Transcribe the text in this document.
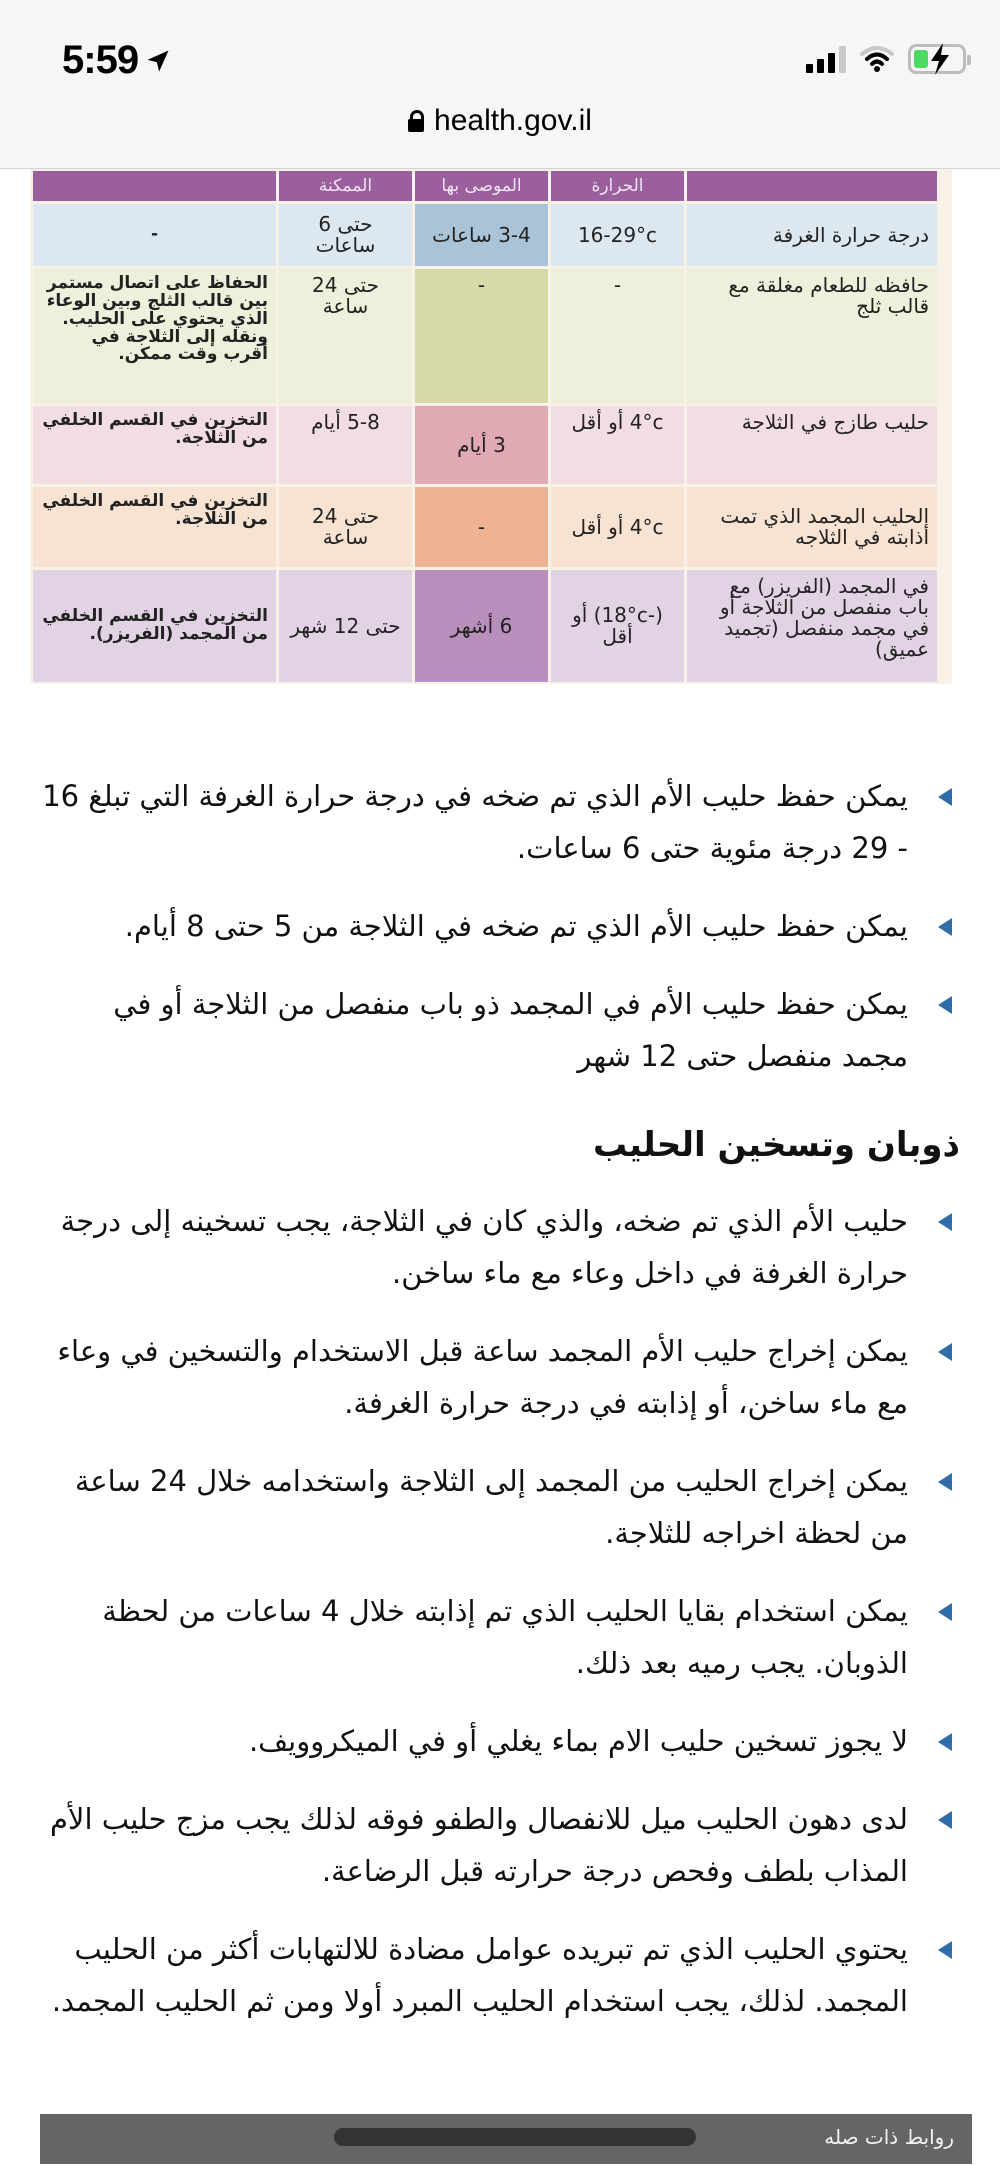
5:59
health.gov.il
	الحرارة	الموصى بها	الممكنة	
درجة حرارة الغرفة	16-29°c	3-4 ساعات	حتى 6 ساعات	-
حافظه للطعام مغلقة مع قالب ثلج	-	-	حتى 24 ساعة	الحفاظ على اتصال مستمر بين قالب الثلج وبين الوعاء الذي يحتوي على الحليب. ونقله إلى الثلاجة في أقرب وقت ممكن.
حليب طازج في الثلاجة	4°c أو أقل	3 أيام	5-8 أيام	التخزين في القسم الخلفي من الثلاجة.
الحليب المجمد الذي تمت أذابته في الثلاجه	4°c أو أقل	-	حتى 24 ساعة	التخزين في القسم الخلفي من الثلاجة.
في المجمد (الفريزر) مع باب منفصل من الثلاجة أو في مجمد منفصل (تجميد عميق)	(-18°c) أو أقل	6 أشهر	حتى 12 شهر	التخزين في القسم الخلفي من المجمد (الفريزر).
يمكن حفظ حليب الأم الذي تم ضخه في درجة حرارة الغرفة التي تبلغ 16 - 29 درجة مئوية حتى 6 ساعات.
يمكن حفظ حليب الأم الذي تم ضخه في الثلاجة من 5 حتى 8 أيام.
يمكن حفظ حليب الأم في المجمد ذو باب منفصل من الثلاجة أو في مجمد منفصل حتى 12 شهر
ذوبان وتسخين الحليب
حليب الأم الذي تم ضخه، والذي كان في الثلاجة، يجب تسخينه إلى درجة حرارة الغرفة في داخل وعاء مع ماء ساخن.
يمكن إخراج حليب الأم المجمد ساعة قبل الاستخدام والتسخين في وعاء مع ماء ساخن، أو إذابته في درجة حرارة الغرفة.
يمكن إخراج الحليب من المجمد إلى الثلاجة واستخدامه خلال 24 ساعة من لحظة اخراجه للثلاجة.
يمكن استخدام بقايا الحليب الذي تم إذابته خلال 4 ساعات من لحظة الذوبان. يجب رميه بعد ذلك.
لا يجوز تسخين حليب الام بماء يغلي أو في الميكروويف.
لدى دهون الحليب ميل للانفصال والطفو فوقه لذلك يجب مزج حليب الأم المذاب بلطف وفحص درجة حرارته قبل الرضاعة.
يحتوي الحليب الذي تم تبريده عوامل مضادة للالتهابات أكثر من الحليب المجمد. لذلك، يجب استخدام الحليب المبرد أولا ومن ثم الحليب المجمد.
روابط ذات صله
